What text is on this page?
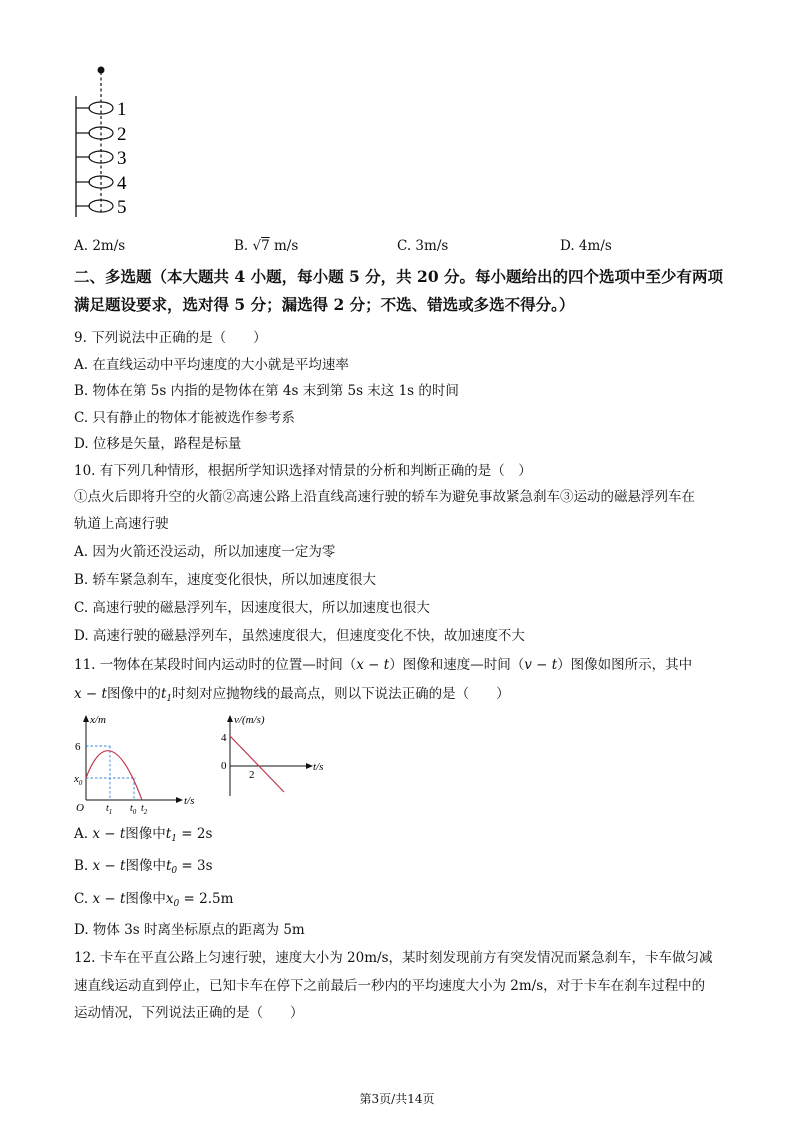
1
2
3
4
5
A. 2m/s	B. √7 m/s	C. 3m/s	D. 4m/s
二、多选题（本大题共 4 小题，每小题 5 分，共 20 分。每小题给出的四个选项中至少有两项
满足题设要求，选对得 5 分；漏选得 2 分；不选、错选或多选不得分。）
9. 下列说法中正确的是（　　）
A. 在直线运动中平均速度的大小就是平均速率
B. 物体在第 5s 内指的是物体在第 4s 末到第 5s 末这 1s 的时间
C. 只有静止的物体才能被选作参考系
D. 位移是矢量，路程是标量
10. 有下列几种情形，根据所学知识选择对情景的分析和判断正确的是（　）
①点火后即将升空的火箭②高速公路上沿直线高速行驶的轿车为避免事故紧急刹车③运动的磁悬浮列车在
轨道上高速行驶
A. 因为火箭还没运动，所以加速度一定为零
B. 轿车紧急刹车，速度变化很快，所以加速度很大
C. 高速行驶的磁悬浮列车，因速度很大，所以加速度也很大
D. 高速行驶的磁悬浮列车，虽然速度很大，但速度变化不快，故加速度不大
11. 一物体在某段时间内运动时的位置—时间（x − t）图像和速度—时间（v − t）图像如图所示，其中
x − t图像中的$t_1$时刻对应抛物线的最高点，则以下说法正确的是（　　）
x/m
6
$x_0$
O $t_1$ $t_0$ $t_2$
t/s
v/(m/s)
4
0
2
t/s
A. x − t图像中$t_1 = 2s$
B. x − t图像中$t_0 = 3s$
C. x − t图像中$x_0 = 2.5m$
D. 物体 3s 时离坐标原点的距离为 5m
12. 卡车在平直公路上匀速行驶，速度大小为 20m/s，某时刻发现前方有突发情况而紧急刹车，卡车做匀减
速直线运动直到停止，已知卡车在停下之前最后一秒内的平均速度大小为 2m/s，对于卡车在刹车过程中的
运动情况，下列说法正确的是（　　）
第3页/共14页
